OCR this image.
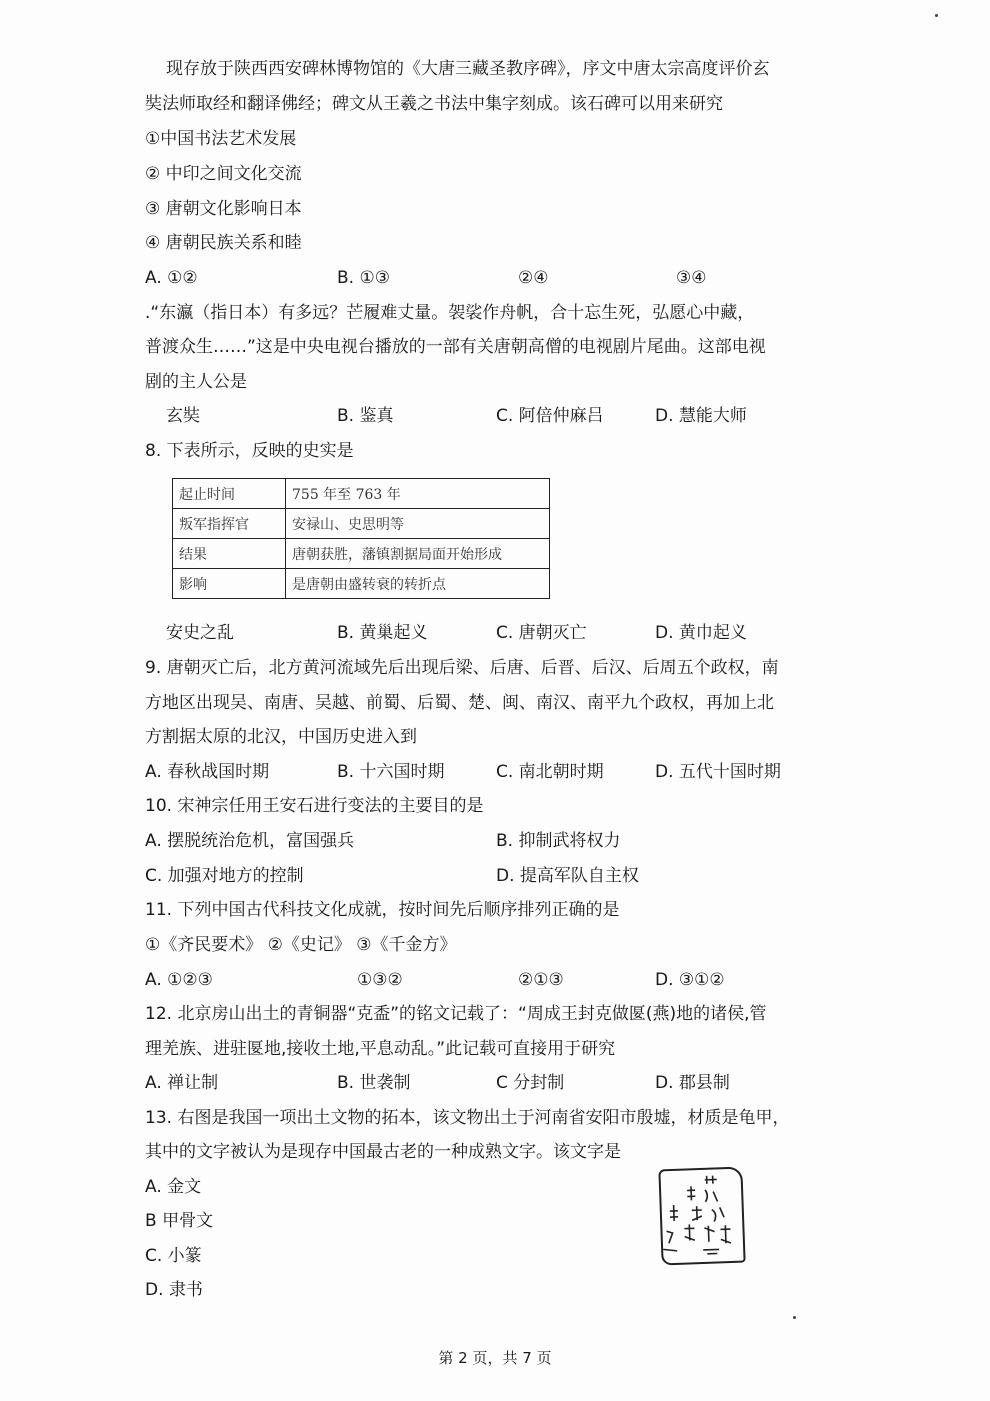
现存放于陕西西安碑林博物馆的《大唐三藏圣教序碑》，序文中唐太宗高度评价玄
奘法师取经和翻译佛经；碑文从王羲之书法中集字刻成。该石碑可以用来研究
①中国书法艺术发展
② 中印之间文化交流
③ 唐朝文化影响日本
④ 唐朝民族关系和睦
A. ①②	B. ①③	②④	③④
.“东瀛（指日本）有多远？芒履难丈量。袈裟作舟帆，合十忘生死，弘愿心中藏，
普渡众生……”这是中央电视台播放的一部有关唐朝高僧的电视剧片尾曲。这部电视
剧的主人公是
玄奘	B. 鉴真	C. 阿倍仲麻吕	D. 慧能大师
8. 下表所示，反映的史实是
起止时间	755 年至 763 年
叛军指挥官	安禄山、史思明等
结果	唐朝获胜，藩镇割据局面开始形成
影响	是唐朝由盛转衰的转折点
安史之乱	B. 黄巢起义	C. 唐朝灭亡	D. 黄巾起义
9. 唐朝灭亡后，北方黄河流域先后出现后梁、后唐、后晋、后汉、后周五个政权，南
方地区出现吴、南唐、吴越、前蜀、后蜀、楚、闽、南汉、南平九个政权，再加上北
方割据太原的北汉，中国历史进入到
A. 春秋战国时期	B. 十六国时期	C. 南北朝时期	D. 五代十国时期
10. 宋神宗任用王安石进行变法的主要目的是
A. 摆脱统治危机，富国强兵	B. 抑制武将权力
C. 加强对地方的控制	D. 提高军队自主权
11. 下列中国古代科技文化成就，按时间先后顺序排列正确的是
①《齐民要术》 ②《史记》 ③《千金方》
A. ①②③	①③②	②①③	D. ③①②
12. 北京房山出土的青铜器“克盉”的铭文记载了：“周成王封克做匽(燕)地的诸侯,管
理羌族、进驻匽地,接收土地,平息动乱。”此记载可直接用于研究
A. 禅让制	B. 世袭制	C 分封制	D. 郡县制
13. 右图是我国一项出土文物的拓本，该文物出土于河南省安阳市殷墟，材质是龟甲，
其中的文字被认为是现存中国最古老的一种成熟文字。该文字是
A. 金文
B 甲骨文
C. 小篆
D. 隶书
第 2 页，共 7 页
